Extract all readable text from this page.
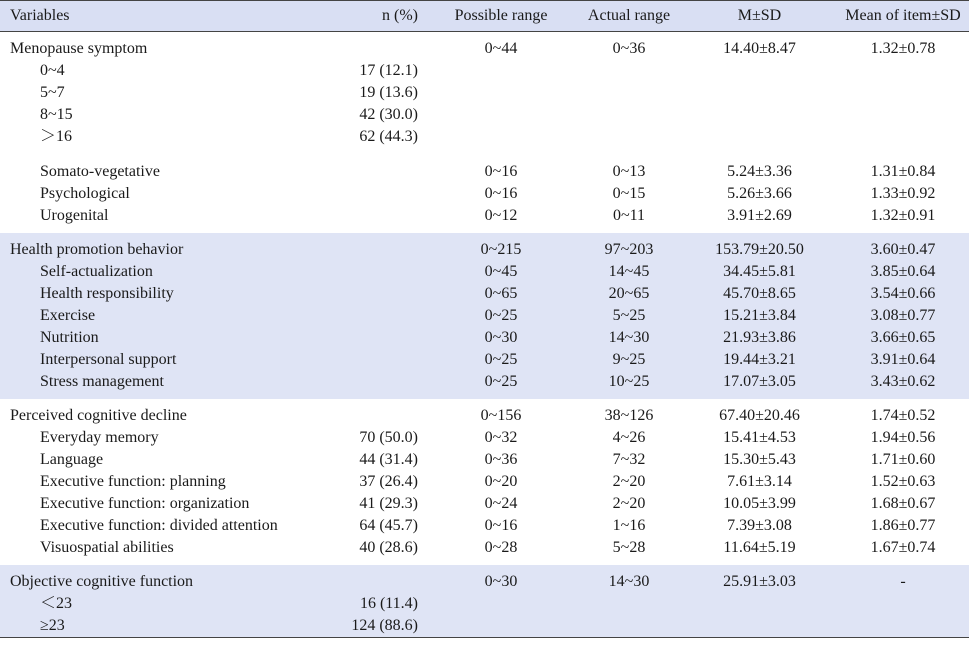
Variables	n (%)	Possible range	Actual range	M±SD	Mean of item±SD
Menopause symptom		0~44	0~36	14.40±8.47	1.32±0.78
0~4	17 (12.1)				
5~7	19 (13.6)				
8~15	42 (30.0)				
＞16	62 (44.3)				

Somato-vegetative		0~16	0~13	5.24±3.36	1.31±0.84
Psychological		0~16	0~15	5.26±3.66	1.33±0.92
Urogenital		0~12	0~11	3.91±2.69	1.32±0.91
Health promotion behavior		0~215	97~203	153.79±20.50	3.60±0.47
Self-actualization		0~45	14~45	34.45±5.81	3.85±0.64
Health responsibility		0~65	20~65	45.70±8.65	3.54±0.66
Exercise		0~25	5~25	15.21±3.84	3.08±0.77
Nutrition		0~30	14~30	21.93±3.86	3.66±0.65
Interpersonal support		0~25	9~25	19.44±3.21	3.91±0.64
Stress management		0~25	10~25	17.07±3.05	3.43±0.62
Perceived cognitive decline		0~156	38~126	67.40±20.46	1.74±0.52
Everyday memory	70 (50.0)	0~32	4~26	15.41±4.53	1.94±0.56
Language	44 (31.4)	0~36	7~32	15.30±5.43	1.71±0.60
Executive function: planning	37 (26.4)	0~20	2~20	7.61±3.14	1.52±0.63
Executive function: organization	41 (29.3)	0~24	2~20	10.05±3.99	1.68±0.67
Executive function: divided attention	64 (45.7)	0~16	1~16	7.39±3.08	1.86±0.77
Visuospatial abilities	40 (28.6)	0~28	5~28	11.64±5.19	1.67±0.74
Objective cognitive function		0~30	14~30	25.91±3.03	-
＜23	16 (11.4)				
≥23	124 (88.6)				
